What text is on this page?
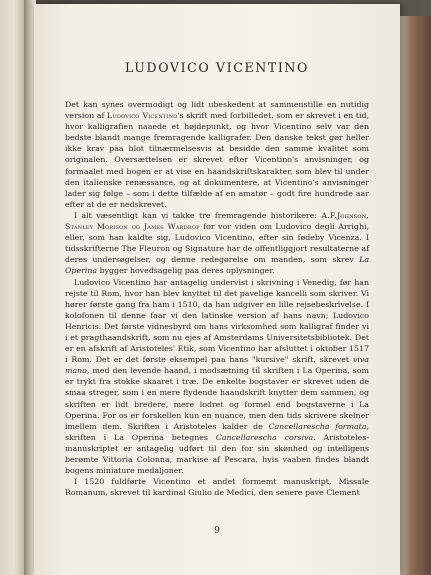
LUDOVICO VICENTINO

Det kan synes overmodigt og lidt ubeskedent at sammenstille en nutidig version af Ludovico Vicentino's skrift med forbilledet, som er skrevet i en tid, hvor kalligrafien naaede et højdepunkt, og hvor Vicentino selv var den bedste blandt mange fremragende kalligrafer. Den danske tekst gør heller ikke krav paa blot tilnærmelsesvis at besidde den samme kvalitet som originalen. Oversættelsen er skrevet efter Vicentino's anvisninger, og formaalet med bogen er at vise en haandskriftskarakter, som blev til under den italienske renæssance, og at dokumentere, at Vicentino's anvisninger lader sig følge – som i dette tilfælde af en amatør – godt fire hundrede aar efter at de er nedskrevet.

I alt væsentligt kan vi takke tre fremragende historikere: A.F.Johnson, Stanley Morison og James Wardrop for vor viden om Ludovico degli Arrighi, eller, som han kaldte sig, Ludovico Vicentino, efter sin fødeby Vicenza. I tidsskrifterne The Fleuron og Signature har de offentliggjort resultaterne af deres undersøgelser, og denne redegørelse om manden, som skrev La Operina bygger hovedsagelig paa deres oplysninger.

Ludovico Vicentino har antagelig undervist i skrivning i Venedig, før han rejste til Rom, hvor han blev knyttet til det pavelige kancelli som skriver. Vi hører første gang fra ham i 1510, da han udgiver en lille rejsebeskrivelse. I kolofonen til denne faar vi den latinske version af hans navn; Ludovico Henricis. Det første vidnesbyrd om hans virksomhed som kalligraf finder vi i et pragthaandskrift, som nu ejes af Amsterdams Universitetsbibliotek. Det er en afskrift af Aristoteles' Etik, som Vicentino har afsluttet i oktober 1517 i Rom. Det er det første eksempel paa hans "kursive" skrift, skrevet viva mano, med den levende haand, i modsætning til skriften i La Operina, som er trykt fra stokke skaaret i træ. De enkelte bogstaver er skrevet uden de smaa streger, som i en mere flydende haandskrift knytter dem sammen, og skriften er lidt bredere, mere lodret og formel end bogstaverne i La Operina. For os er forskellen kun en nuance, men den tids skrivere skelner imellem dem. Skriften i Aristoteles kalder de Cancellarescha formata, skriften i La Operina betegnes Cancellarescha corsiva. Aristoteles-manuskriptet er antagelig udført til den for sin skønhed og intelligens berømte Vittoria Colonna, markise af Pescara, hvis vaaben findes blandt bogens miniature medaljoner.

I 1520 fuldførte Vicentino et andet formemt manuskript, Missale Romanum, skrevet til kardinal Giulio de Medici, den senere pave Clement

9
